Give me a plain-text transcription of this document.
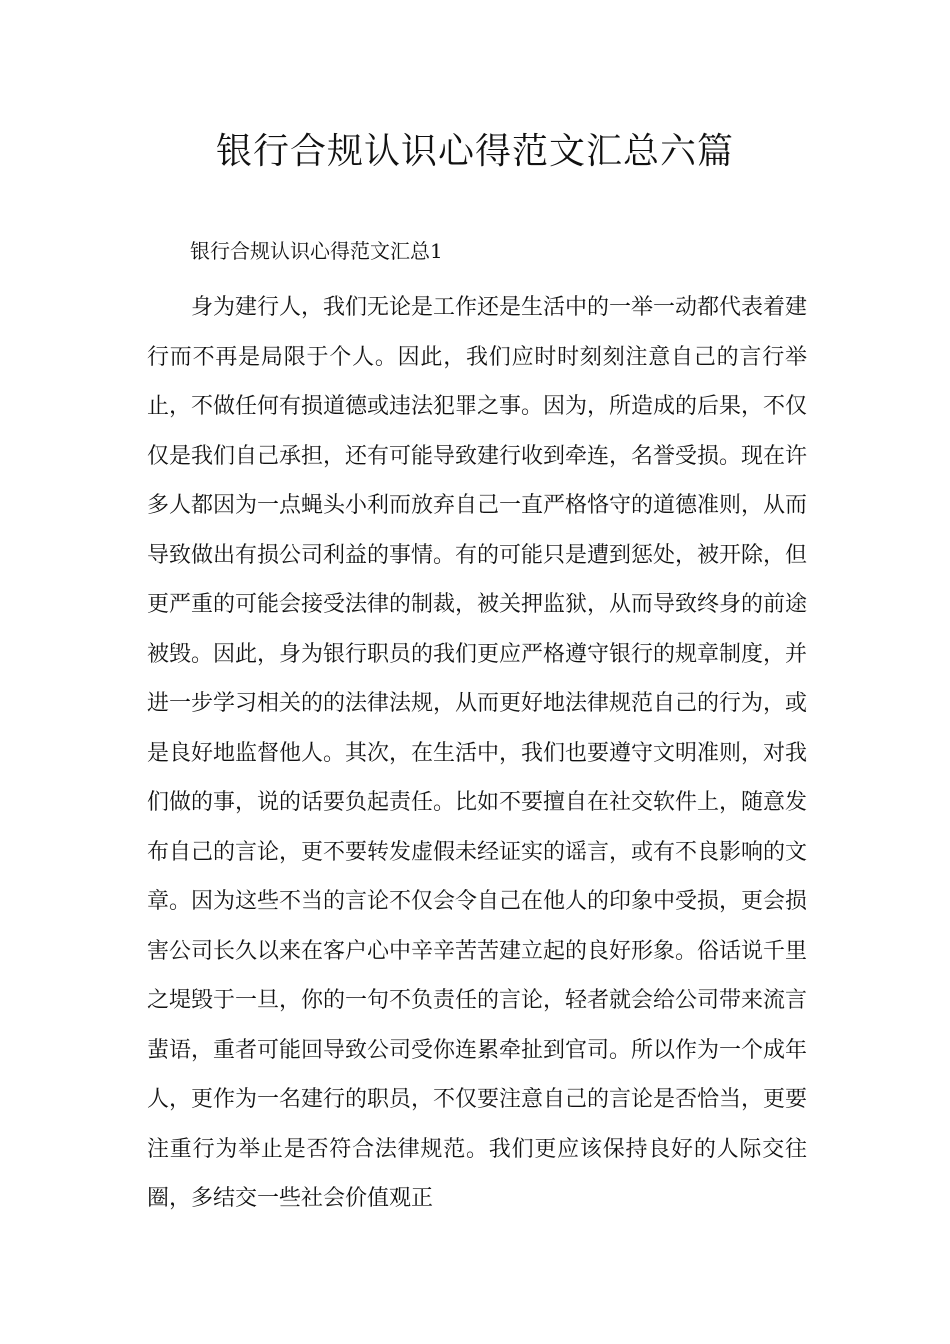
银行合规认识心得范文汇总六篇

银行合规认识心得范文汇总1

身为建行人，我们无论是工作还是生活中的一举一动都代表着建行而不再是局限于个人。因此，我们应时时刻刻注意自己的言行举止，不做任何有损道德或违法犯罪之事。因为，所造成的后果，不仅仅是我们自己承担，还有可能导致建行收到牵连，名誉受损。现在许多人都因为一点蝇头小利而放弃自己一直严格恪守的道德准则，从而导致做出有损公司利益的事情。有的可能只是遭到惩处，被开除，但更严重的可能会接受法律的制裁，被关押监狱，从而导致终身的前途被毁。因此，身为银行职员的我们更应严格遵守银行的规章制度，并进一步学习相关的的法律法规，从而更好地法律规范自己的行为，或是良好地监督他人。其次，在生活中，我们也要遵守文明准则，对我们做的事，说的话要负起责任。比如不要擅自在社交软件上，随意发布自己的言论，更不要转发虚假未经证实的谣言，或有不良影响的文章。因为这些不当的言论不仅会令自己在他人的印象中受损，更会损害公司长久以来在客户心中辛辛苦苦建立起的良好形象。俗话说千里之堤毁于一旦，你的一句不负责任的言论，轻者就会给公司带来流言蜚语，重者可能回导致公司受你连累牵扯到官司。所以作为一个成年人，更作为一名建行的职员，不仅要注意自己的言论是否恰当，更要注重行为举止是否符合法律规范。我们更应该保持良好的人际交往圈，多结交一些社会价值观正
